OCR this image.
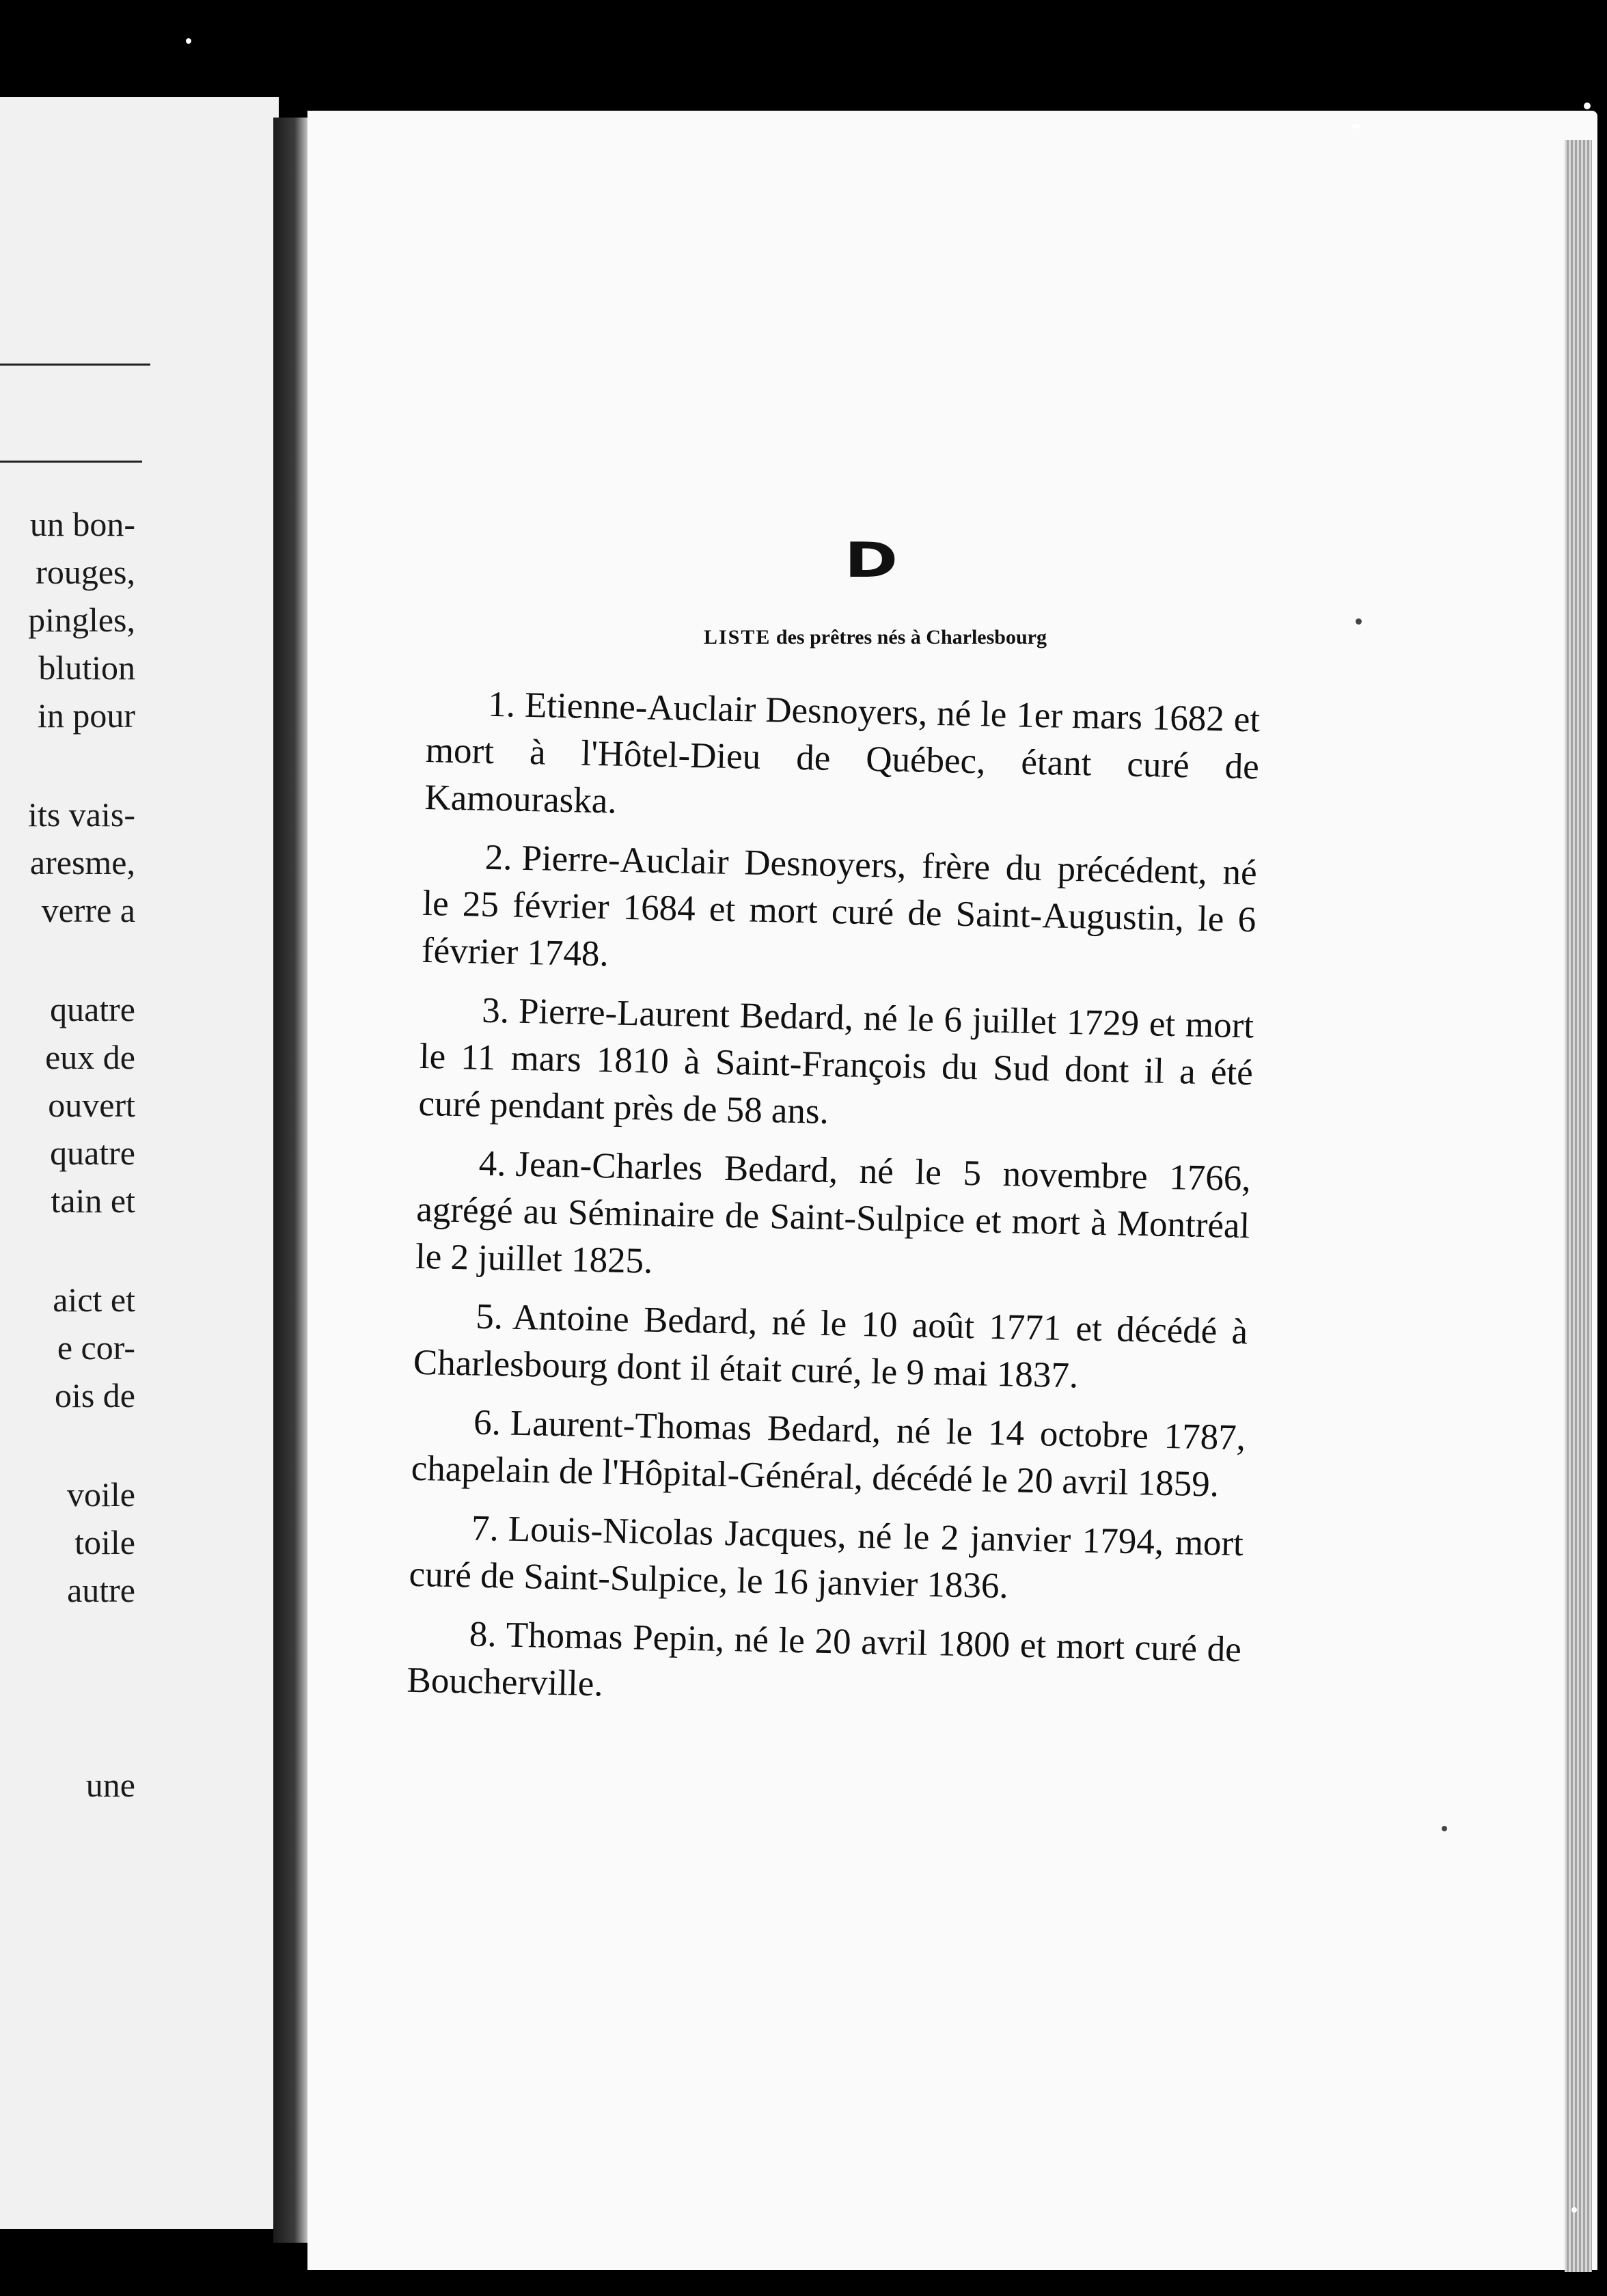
un bon-
rouges,
pingles,
blution
in pour
its vais-
aresme,
verre a
quatre
eux de
ouvert
quatre
tain et
aict et
e cor-
ois de
voile
toile
autre
une
D
LISTE des prêtres nés à Charlesbourg

1. Etienne-Auclair Desnoyers, né le 1er mars 1682 et mort à l'Hôtel-Dieu de Québec, étant curé de Kamouraska.

2. Pierre-Auclair Desnoyers, frère du précédent, né le 25 février 1684 et mort curé de Saint-Augustin, le 6 février 1748.

3. Pierre-Laurent Bedard, né le 6 juillet 1729 et mort le 11 mars 1810 à Saint-François du Sud dont il a été curé pendant près de 58 ans.

4. Jean-Charles Bedard, né le 5 novembre 1766, agrégé au Séminaire de Saint-Sulpice et mort à Montréal le 2 juillet 1825.

5. Antoine Bedard, né le 10 août 1771 et décédé à Charlesbourg dont il était curé, le 9 mai 1837.

6. Laurent-Thomas Bedard, né le 14 octobre 1787, chapelain de l'Hôpital-Général, décédé le 20 avril 1859.

7. Louis-Nicolas Jacques, né le 2 janvier 1794, mort curé de Saint-Sulpice, le 16 janvier 1836.

8. Thomas Pepin, né le 20 avril 1800 et mort curé de Boucherville.
